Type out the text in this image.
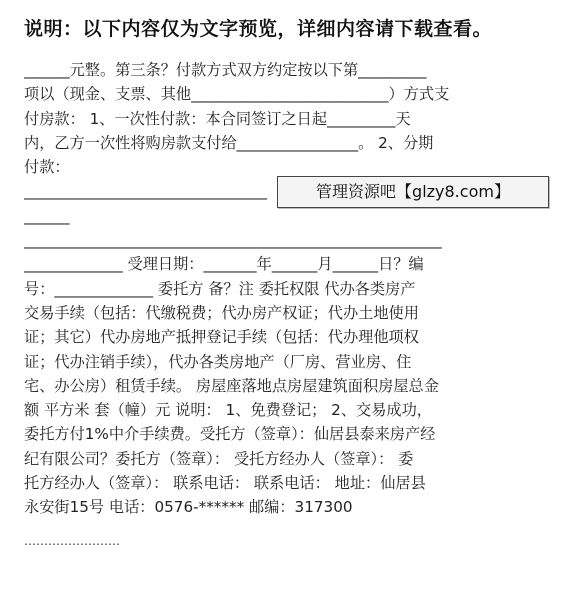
说明：以下内容仅为文字预览，详细内容请下载查看。
______元整。第三条？付款方式双方约定按以下第_________
项以（现金、支票、其他__________________________）方式支
付房款： 1、一次性付款：本合同签订之日起_________天
内，乙方一次性将购房款支付给________________。 2、分期
付款：
________________________________
______
_______________________________________________________
_____________ 受理日期：_______年______月______日？编
号：_____________ 委托方 备？注 委托权限 代办各类房产
交易手续（包括：代缴税费；代办房产权证；代办土地使用
证；其它）代办房地产抵押登记手续（包括：代办理他项权
证；代办注销手续），代办各类房地产（厂房、营业房、住
宅、办公房）租赁手续。 房屋座落地点房屋建筑面积房屋总金
额 平方米 套（幢）元 说明： 1、免费登记； 2、交易成功，
委托方付1%中介手续费。受托方（签章）：仙居县泰来房产经
纪有限公司？委托方（签章）： 受托方经办人（签章）： 委
托方经办人（签章）： 联系电话： 联系电话： 地址：仙居县
永安街15号 电话：0576-****** 邮编：317300
管理资源吧【glzy8.com】
……………………
